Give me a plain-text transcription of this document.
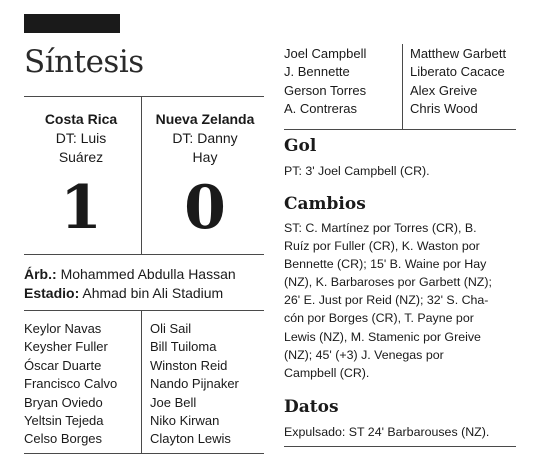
Síntesis
Costa Rica
DT: Luis
Suárez
Nueva Zelanda
DT: Danny
Hay
1	0
Árb.: Mohammed Abdulla Hassan
Estadio: Ahmad bin Ali Stadium
Keylor Navas
Keysher Fuller
Óscar Duarte
Francisco Calvo
Bryan Oviedo
Yeltsin Tejeda
Celso Borges
Oli Sail
Bill Tuiloma
Winston Reid
Nando Pijnaker
Joe Bell
Niko Kirwan
Clayton Lewis
Joel Campbell
J. Bennette
Gerson Torres
A. Contreras
Matthew Garbett
Liberato Cacace
Alex Greive
Chris Wood
Gol
PT: 3' Joel Campbell (CR).
Cambios
ST: C. Martínez por Torres (CR), B.
Ruíz por Fuller (CR), K. Waston por
Bennette (CR); 15' B. Waine por Hay
(NZ), K. Barbaroses por Garbett (NZ);
26' E. Just por Reid (NZ); 32' S. Cha-
cón por Borges (CR), T. Payne por
Lewis (NZ), M. Stamenic por Greive
(NZ); 45' (+3) J. Venegas por
Campbell (CR).
Datos
Expulsado: ST 24' Barbarouses (NZ).
